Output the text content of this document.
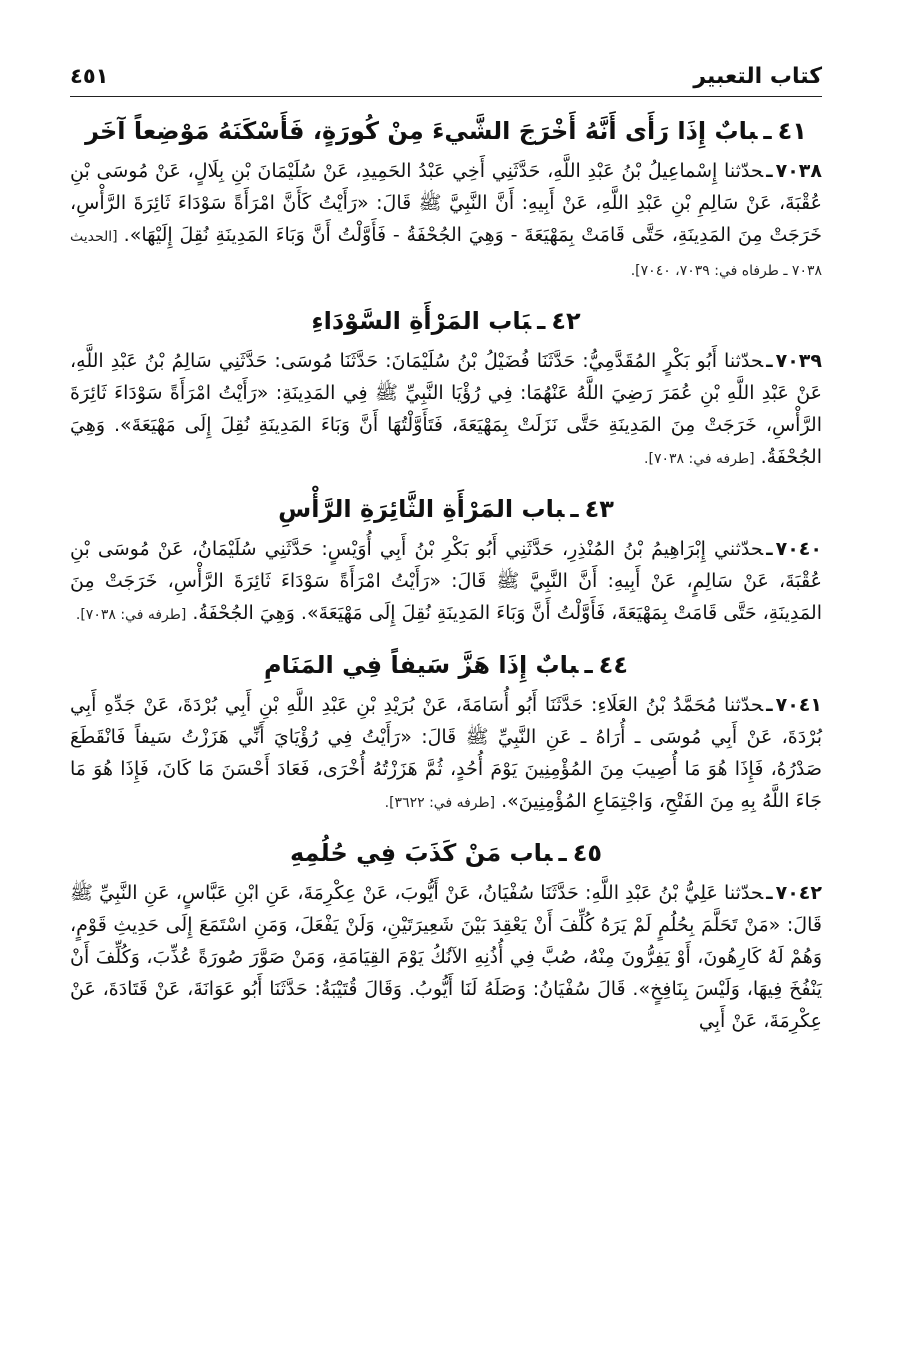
كتاب التعبير
٤٥١
٤١ـبابٌ إِذَا رَأَى أَنَّهُ أَخْرَجَ الشَّيءَ مِنْ كُورَةٍ، فَأَسْكَنَهُ مَوْضِعاً آخَر

٧٠٣٨ـحدّثنا إِسْماعِيلُ بْنُ عَبْدِ اللَّهِ، حَدَّثَنِي أَخِي عَبْدُ الحَمِيدِ، عَنْ سُلَيْمَانَ بْنِ بِلَالٍ، عَنْ مُوسَى بْنِ عُقْبَةَ، عَنْ سَالِمِ بْنِ عَبْدِ اللَّهِ، عَنْ أَبِيهِ: أَنَّ النَّبِيَّ ﷺ قَالَ: «رَأَيْتُ كَأَنَّ امْرَأَةً سَوْدَاءَ ثَائِرَةَ الرَّأْسِ، خَرَجَتْ مِنَ المَدِينَةِ، حَتَّى قَامَتْ بِمَهْيَعَةَ - وَهِيَ الجُحْفَةُ - فَأَوَّلْتُ أَنَّ وَبَاءَ المَدِينَةِ نُقِلَ إِلَيْهَا».[الحديث ٧٠٣٨ ـ طرفاه في: ٧٠٣٩، ٧٠٤٠].

٤٢ـبَاب المَرْأَةِ السَّوْدَاءِ

٧٠٣٩ـحدّثنا أَبُو بَكْرٍ المُقَدَّمِيُّ: حَدَّثَنَا فُضَيْلُ بْنُ سُلَيْمَانَ: حَدَّثَنَا مُوسَى: حَدَّثَنِي سَالِمُ بْنُ عَبْدِ اللَّهِ، عَنْ عَبْدِ اللَّهِ بْنِ عُمَرَ رَضِيَ اللَّهُ عَنْهُمَا: فِي رُؤْيَا النَّبِيِّ ﷺ فِي المَدِينَةِ: «رَأَيْتُ امْرَأَةً سَوْدَاءَ ثَائِرَةَ الرَّأْسِ، خَرَجَتْ مِنَ المَدِينَةِ حَتَّى نَزَلَتْ بِمَهْيَعَةَ، فَتَأَوَّلْتُهَا أَنَّ وَبَاءَ المَدِينَةِ نُقِلَ إِلَى مَهْيَعَةَ». وَهِيَ الجُحْفَةُ.[طرفه في: ٧٠٣٨].

٤٣ـباب المَرْأَةِ الثَّائِرَةِ الرَّأْسِ

٧٠٤٠ـحدّثني إِبْرَاهِيمُ بْنُ المُنْذِرِ، حَدَّثَنِي أَبُو بَكْرِ بْنُ أَبِي أُوَيْسٍ: حَدَّثَنِي سُلَيْمَانُ، عَنْ مُوسَى بْنِ عُقْبَةَ، عَنْ سَالِمٍ، عَنْ أَبِيهِ: أَنَّ النَّبِيَّ ﷺ قَالَ: «رَأَيْتُ امْرَأَةً سَوْدَاءَ ثَائِرَةَ الرَّأْسِ، خَرَجَتْ مِنَ المَدِينَةِ، حَتَّى قَامَتْ بِمَهْيَعَةَ، فَأَوَّلْتُ أَنَّ وَبَاءَ المَدِينَةِ نُقِلَ إِلَى مَهْيَعَةَ». وَهِيَ الجُحْفَةُ.[طرفه في: ٧٠٣٨].

٤٤ـبابٌ إِذَا هَزَّ سَيفاً فِي المَنَامِ

٧٠٤١ـحدّثنا مُحَمَّدُ بْنُ العَلَاءِ: حَدَّثَنَا أَبُو أُسَامَةَ، عَنْ بُرَيْدِ بْنِ عَبْدِ اللَّهِ بْنِ أَبِي بُرْدَةَ، عَنْ جَدِّهِ أَبِي بُرْدَةَ، عَنْ أَبِي مُوسَى ـ أُرَاهُ ـ عَنِ النَّبِيِّ ﷺ قَالَ: «رَأَيْتُ فِي رُؤْيَايَ أَنِّي هَزَزْتُ سَيفاً فَانْقَطَعَ صَدْرُهُ، فَإِذَا هُوَ مَا أُصِيبَ مِنَ المُؤْمِنِينَ يَوْمَ أُحُدٍ، ثُمَّ هَزَزْتُهُ أُخْرَى، فَعَادَ أَحْسَنَ مَا كَانَ، فَإِذَا هُوَ مَا جَاءَ اللَّهُ بِهِ مِنَ الفَتْحِ، وَاجْتِمَاعِ المُؤْمِنِينَ».[طرفه في: ٣٦٢٢].

٤٥ـباب مَنْ كَذَبَ فِي حُلُمِهِ

٧٠٤٢ـحدّثنا عَلِيُّ بْنُ عَبْدِ اللَّهِ: حَدَّثَنَا سُفْيَانُ، عَنْ أَيُّوبَ، عَنْ عِكْرِمَةَ، عَنِ ابْنِ عَبَّاسٍ، عَنِ النَّبِيِّ ﷺ قَالَ: «مَنْ تَحَلَّمَ بِحُلُمٍ لَمْ يَرَهُ كُلِّفَ أَنْ يَعْقِدَ بَيْنَ شَعِيرَتَيْنِ، وَلَنْ يَفْعَلَ، وَمَنِ اسْتَمَعَ إِلَى حَدِيثِ قَوْمٍ، وَهُمْ لَهُ كَارِهُونَ، أَوْ يَفِرُّونَ مِنْهُ، صُبَّ فِي أُذُنِهِ الآنُكُ يَوْمَ القِيَامَةِ، وَمَنْ صَوَّرَ صُورَةً عُذِّبَ، وَكُلِّفَ أَنْ يَنْفُخَ فِيهَا، وَلَيْسَ بِنَافِخٍ». قَالَ سُفْيَانُ: وَصَلَهُ لَنَا أَيُّوبُ. وَقَالَ قُتَيْبَةُ: حَدَّثَنَا أَبُو عَوَانَةَ، عَنْ قَتَادَةَ، عَنْ عِكْرِمَةَ، عَنْ أَبِي
